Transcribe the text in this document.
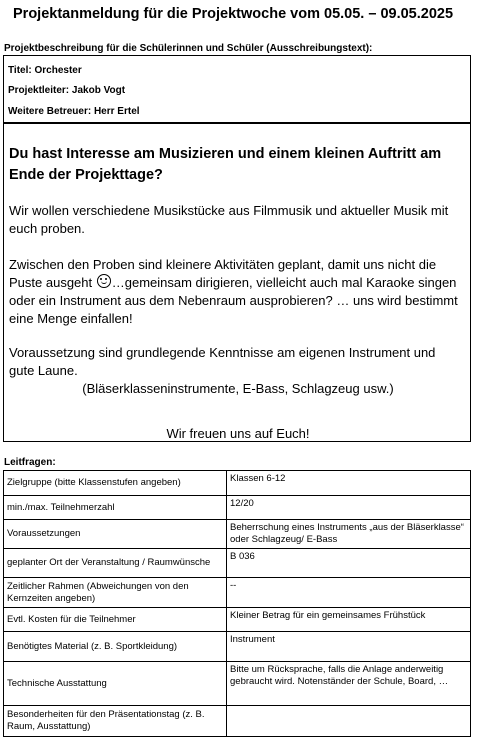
Projektanmeldung für die Projektwoche vom 05.05. – 09.05.2025
Projektbeschreibung für die Schülerinnen und Schüler (Ausschreibungstext):
Titel: Orchester
Projektleiter: Jakob Vogt
Weitere Betreuer: Herr Ertel
Du hast Interesse am Musizieren und einem kleinen Auftritt am Ende der Projekttage?
Wir wollen verschiedene Musikstücke aus Filmmusik und aktueller Musik mit euch proben.
Zwischen den Proben sind kleinere Aktivitäten geplant, damit uns nicht die Puste ausgeht …gemeinsam dirigieren, vielleicht auch mal Karaoke singen oder ein Instrument aus dem Nebenraum ausprobieren? … uns wird bestimmt eine Menge einfallen!
Voraussetzung sind grundlegende Kenntnisse am eigenen Instrument und gute Laune.
(Bläserklasseninstrumente, E-Bass, Schlagzeug usw.)
Wir freuen uns auf Euch!
Leitfragen:
Zielgruppe (bitte Klassenstufen angeben)	Klassen 6-12
min./max. Teilnehmerzahl	12/20
Voraussetzungen	Beherrschung eines Instruments „aus der Bläserklasse“ oder Schlagzeug/ E-Bass
geplanter Ort der Veranstaltung / Raumwünsche	B 036
Zeitlicher Rahmen (Abweichungen von den Kernzeiten angeben)	--
Evtl. Kosten für die Teilnehmer	Kleiner Betrag für ein gemeinsames Frühstück
Benötigtes Material (z. B. Sportkleidung)	Instrument
Technische Ausstattung	Bitte um Rücksprache, falls die Anlage anderweitig gebraucht wird. Notenständer der Schule, Board, …
Besonderheiten für den Präsentationstag (z. B. Raum, Ausstattung)	
